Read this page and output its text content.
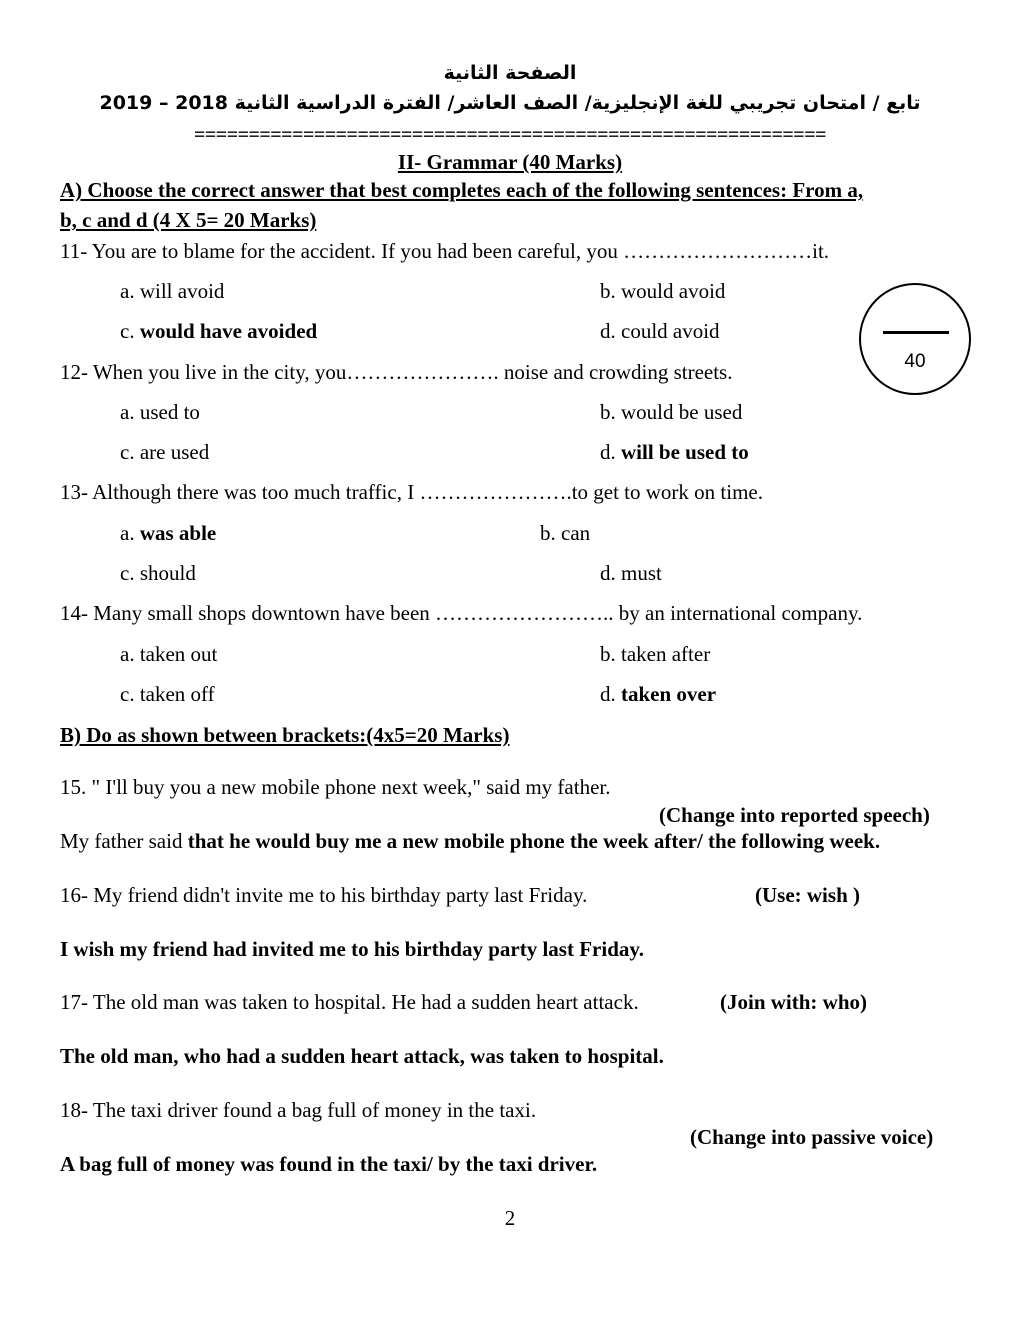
الصفحة الثانية
تابع / امتحان تجريبي للغة الإنجليزية/ الصف العاشر/ الفترة الدراسية الثانية 2018 – 2019
==========================================================
II- Grammar (40 Marks)
A) Choose the correct answer that best completes each of the following sentences: From a,
b, c and d (4 X 5= 20 Marks)
40
11- You are to blame for the accident. If you had been careful, you ………………………it.
a. will avoid	b. would avoid
c. would have avoided	d. could avoid
12- When you live in the city, you…………………. noise and crowding streets.
a. used to	b. would be used
c. are used	d. will be used to
13- Although there was too much traffic, I ………………….to get to work on time.
a. was able	b. can
c. should	d. must
14- Many small shops downtown have been …………………….. by an international company.
a. taken out	b. taken after
c. taken off	d. taken over
B) Do as shown between brackets:(4x5=20 Marks)
15. " I'll buy you a new mobile phone next week," said my father.
(Change into reported speech)
My father said that he would buy me a new mobile phone the week after/ the following week.
16- My friend didn't invite me to his birthday party last Friday.	(Use: wish )
I wish my friend had invited me to his birthday party last Friday.
17- The old man was taken to hospital. He had a sudden heart attack.	(Join with: who)
The old man, who had a sudden heart attack, was taken to hospital.
18- The taxi driver found a bag full of money in the taxi.
(Change into passive voice)
A bag full of money was found in the taxi/ by the taxi driver.
2
